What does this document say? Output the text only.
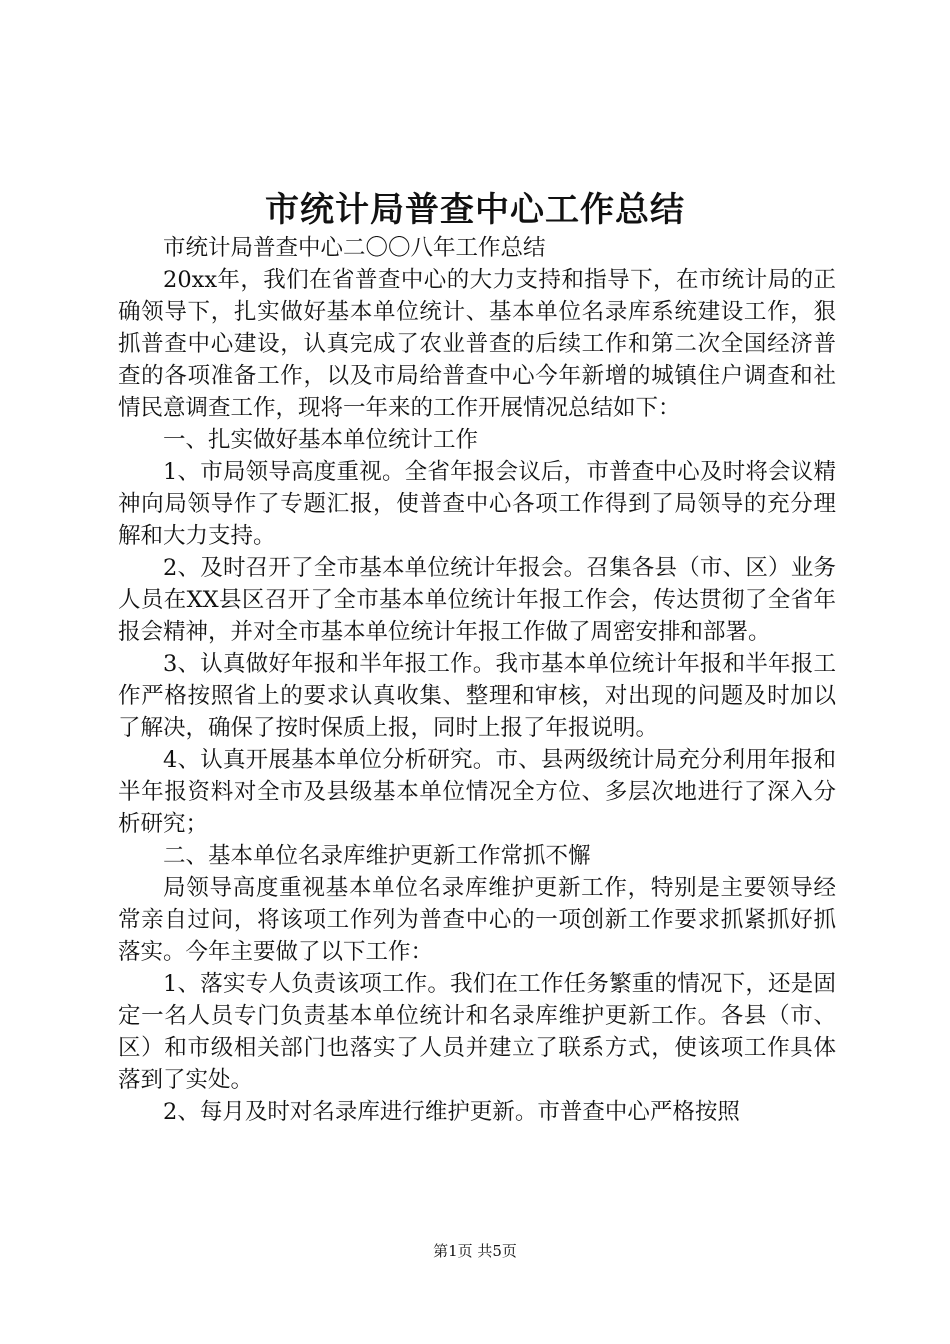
市统计局普查中心工作总结

市统计局普查中心二〇〇八年工作总结

20xx年，我们在省普查中心的大力支持和指导下，在市统计局的正确领导下，扎实做好基本单位统计、基本单位名录库系统建设工作，狠抓普查中心建设，认真完成了农业普查的后续工作和第二次全国经济普查的各项准备工作，以及市局给普查中心今年新增的城镇住户调查和社情民意调查工作，现将一年来的工作开展情况总结如下：

一、扎实做好基本单位统计工作

1、市局领导高度重视。全省年报会议后，市普查中心及时将会议精神向局领导作了专题汇报，使普查中心各项工作得到了局领导的充分理解和大力支持。

2、及时召开了全市基本单位统计年报会。召集各县（市、区）业务人员在XX县区召开了全市基本单位统计年报工作会，传达贯彻了全省年报会精神，并对全市基本单位统计年报工作做了周密安排和部署。

3、认真做好年报和半年报工作。我市基本单位统计年报和半年报工作严格按照省上的要求认真收集、整理和审核，对出现的问题及时加以了解决，确保了按时保质上报，同时上报了年报说明。

4、认真开展基本单位分析研究。市、县两级统计局充分利用年报和半年报资料对全市及县级基本单位情况全方位、多层次地进行了深入分析研究；

二、基本单位名录库维护更新工作常抓不懈

局领导高度重视基本单位名录库维护更新工作，特别是主要领导经常亲自过问，将该项工作列为普查中心的一项创新工作要求抓紧抓好抓落实。今年主要做了以下工作：

1、落实专人负责该项工作。我们在工作任务繁重的情况下，还是固定一名人员专门负责基本单位统计和名录库维护更新工作。各县（市、区）和市级相关部门也落实了人员并建立了联系方式，使该项工作具体落到了实处。

2、每月及时对名录库进行维护更新。市普查中心严格按照

第1页 共5页
